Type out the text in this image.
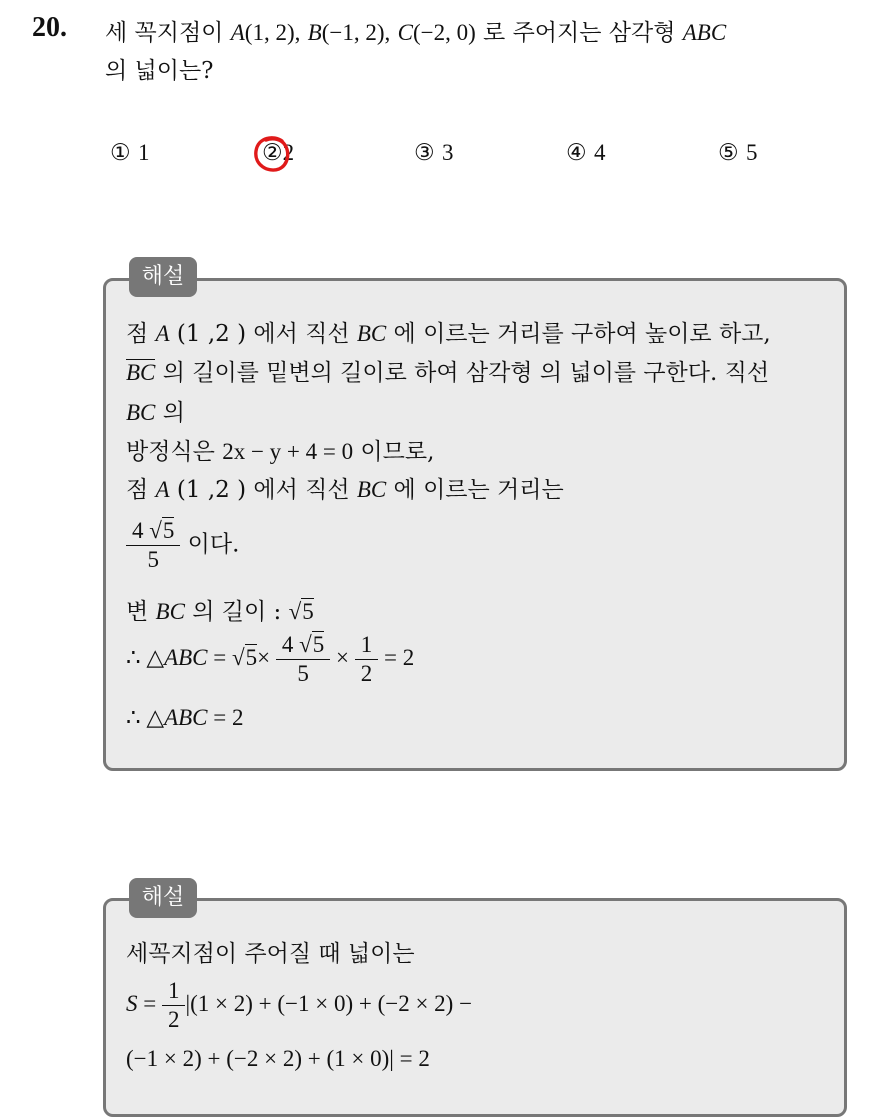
20. 세 꼭지점이 A(1, 2), B(−1, 2), C(−2, 0) 로 주어지는 삼각형 ABC
의 넓이는?
① 1	②2	③ 3	④ 4	⑤ 5
점 A (1 ,2 ) 에서 직선 BC 에 이르는 거리를 구하여 높이로 하고,
BC 의 길이를 밑변의 길이로 하여 삼각형 의 넓이를 구한다. 직선
BC 의
방정식은 2x − y + 4 = 0 이므로,
점 A (1 ,2 ) 에서 직선 BC 에 이르는 거리는
$\frac{4 √5}{5}$ 이다.
변 BC 의 길이 : √5
∴ △ABC = $√5\times \frac{4 √5}{5} \times \frac{1}{2} = 2$
∴ △ABC = 2
해설
세꼭지점이 주어질 때 넓이는
$S = \frac{1}{2} |(1 \times 2) + (-1 \times 0) + (-2 \times 2)$ −
(−1 × 2) + (−2 × 2) + (1 × 0)| = 2
해설
